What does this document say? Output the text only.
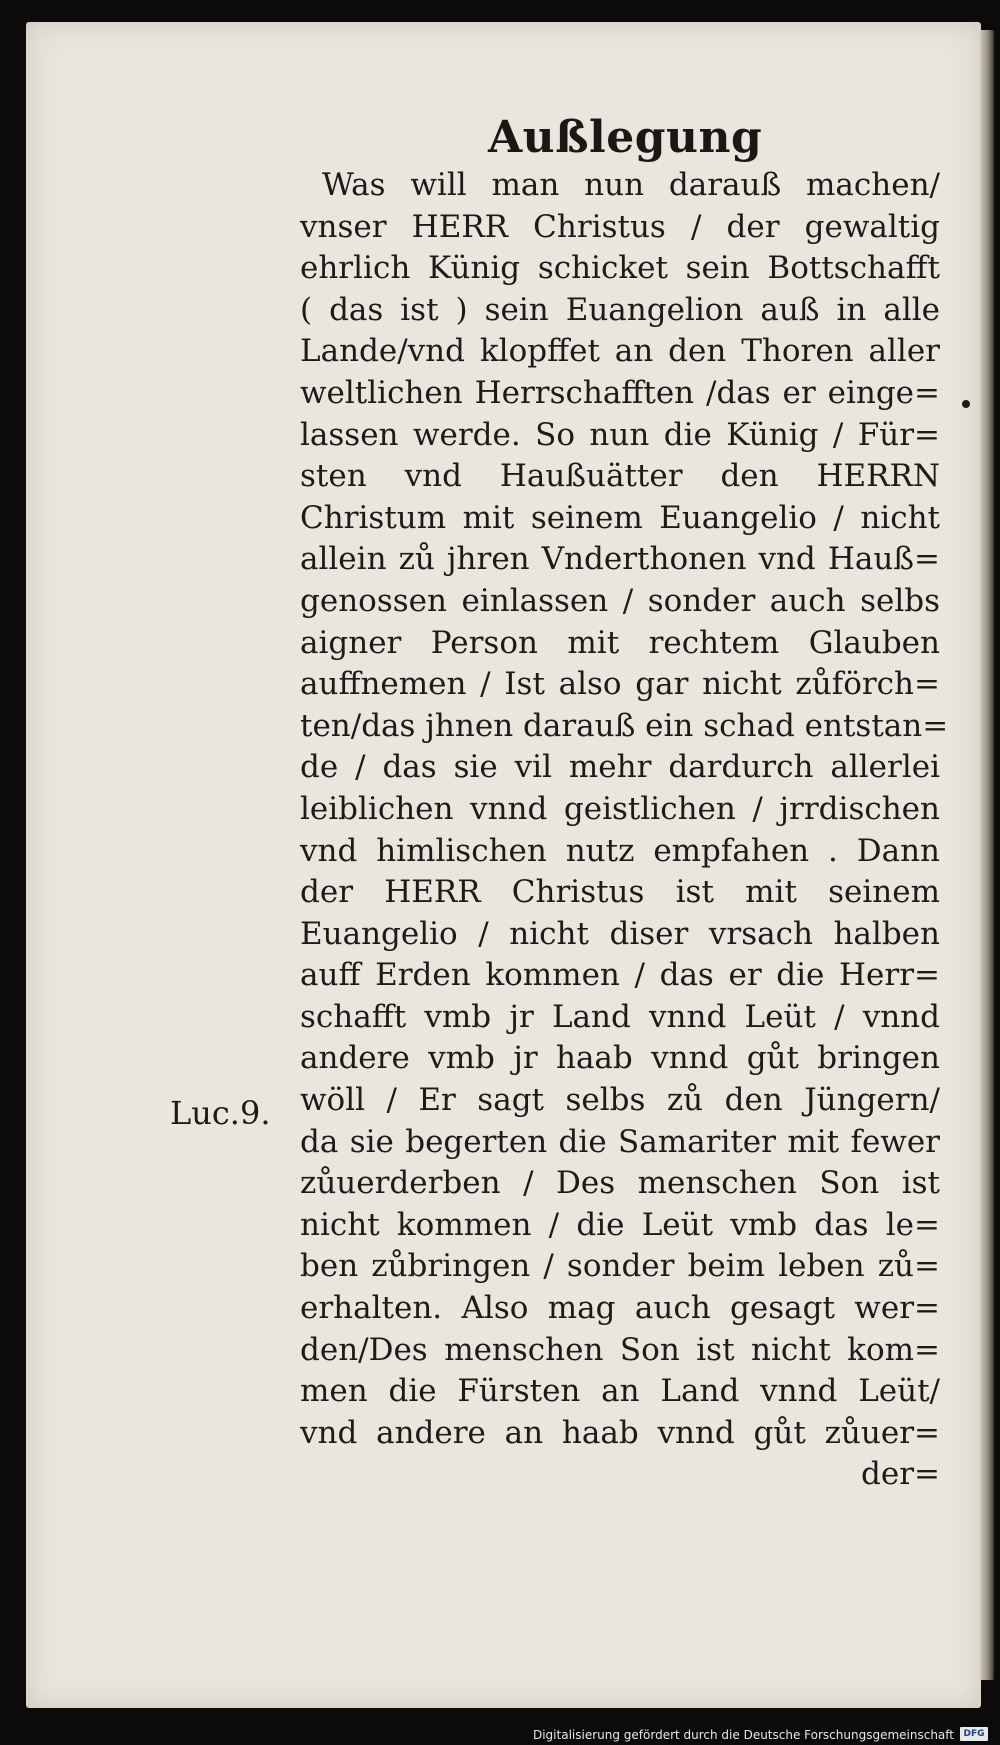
Außlegung
Was will man nun darauß machen/
vnser HERR Christus / der gewaltig
ehrlich Künig schicket sein Bottschafft
( das ist ) sein Euangelion auß in alle
Lande/vnd klopffet an den Thoren aller
weltlichen Herrschafften /das er einge=
lassen werde. So nun die Künig / Für=
sten vnd Haußuätter den HERRN
Christum mit seinem Euangelio / nicht
allein zů jhren Vnderthonen vnd Hauß=
genossen einlassen / sonder auch selbs
aigner Person mit rechtem Glauben
auffnemen / Ist also gar nicht zůförch=
ten/das jhnen darauß ein schad entstan=
de / das sie vil mehr dardurch allerlei
leiblichen vnnd geistlichen / jrrdischen
vnd himlischen nutz empfahen . Dann
der HERR Christus ist mit seinem
Euangelio / nicht diser vrsach halben
auff Erden kommen / das er die Herr=
schafft vmb jr Land vnnd Leüt / vnnd
andere vmb jr haab vnnd gůt bringen
wöll / Er sagt selbs zů den Jüngern/
da sie begerten die Samariter mit fewer
zůuerderben / Des menschen Son ist
nicht kommen / die Leüt vmb das le=
ben zůbringen / sonder beim leben zů=
erhalten. Also mag auch gesagt wer=
den/Des menschen Son ist nicht kom=
men die Fürsten an Land vnnd Leüt/
vnd andere an haab vnnd gůt zůuer=
der=
Luc.9.
Digitalisierung gefördert durch die Deutsche Forschungsgemeinschaft	DFG
